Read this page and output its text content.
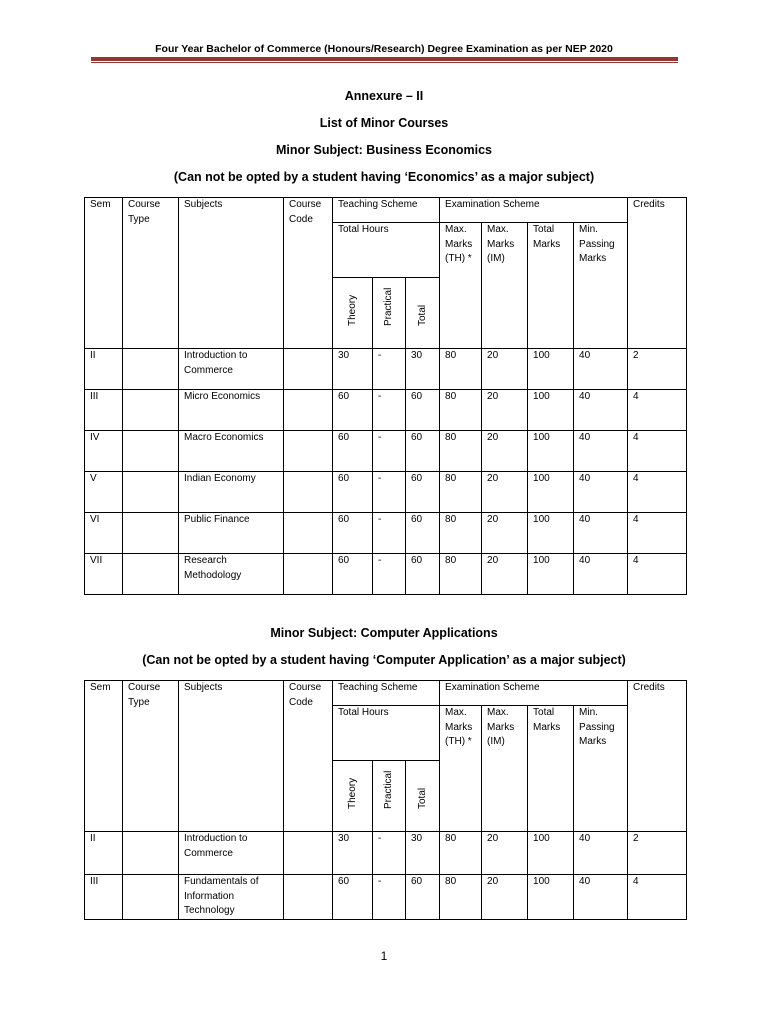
Four Year Bachelor of Commerce (Honours/Research) Degree Examination as per NEP 2020
Annexure – II
List of Minor Courses
Minor Subject: Business Economics
(Can not be opted by a student having ‘Economics’ as a major subject)
Sem	Course Type	Subjects	Course Code	Teaching Scheme			Examination Scheme				Credits
				Total Hours			Max. Marks (TH) *	Max. Marks (IM)	Total Marks	Min. Passing Marks	

				Theory	Practical	Total					

II		Introduction to Commerce		30	-	30	80	20	100	40	2
III		Micro Economics		60	-	60	80	20	100	40	4
IV		Macro Economics		60	-	60	80	20	100	40	4
V		Indian Economy		60	-	60	80	20	100	40	4
VI		Public Finance		60	-	60	80	20	100	40	4
VII		Research Methodology		60	-	60	80	20	100	40	4
Minor Subject: Computer Applications
(Can not be opted by a student having ‘Computer Application’ as a major subject)
Sem	Course Type	Subjects	Course Code	Teaching Scheme			Examination Scheme				Credits
				Total Hours			Max. Marks (TH) *	Max. Marks (IM)	Total Marks	Min. Passing Marks	

				Theory	Practical	Total					

II		Introduction to Commerce		30	-	30	80	20	100	40	2
III		Fundamentals of Information Technology		60	-	60	80	20	100	40	4
1
